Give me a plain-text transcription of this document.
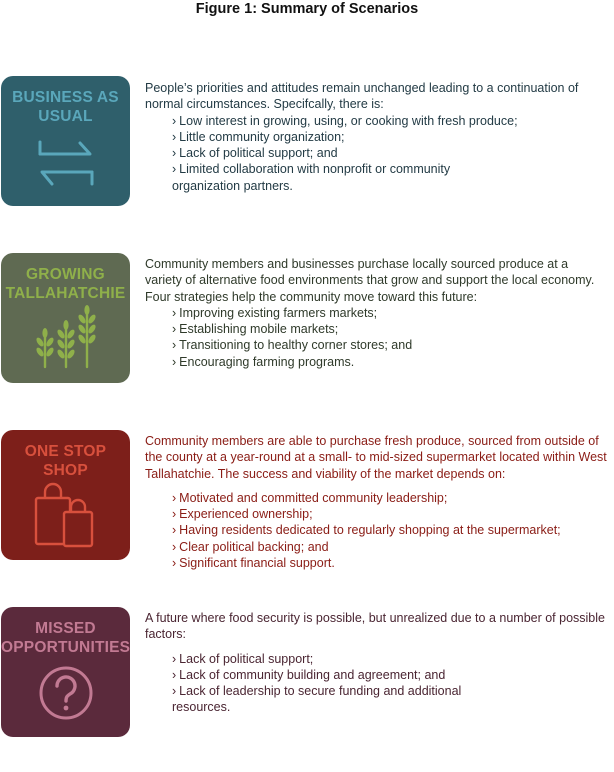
Figure 1: Summary of Scenarios
BUSINESS AS
USUAL

People’s priorities and attitudes remain unchanged leading to a continuation of normal circumstances. Specifcally, there is:

› Low interest in growing, using, or cooking with fresh produce;
› Little community organization;
› Lack of political support; and
› Limited collaboration with nonprofit or community organization partners.
GROWING
TALLAHATCHIE

Community members and businesses purchase locally sourced produce at a variety of alternative food environments that grow and support the local economy. Four strategies help the community move toward this future:

› Improving existing farmers markets;
› Establishing mobile markets;
› Transitioning to healthy corner stores; and
› Encouraging farming programs.
ONE STOP
SHOP

Community members are able to purchase fresh produce, sourced from outside of the county at a year-round at a small- to mid-sized supermarket located within West Tallahatchie. The success and viability of the market depends on:

› Motivated and committed community leadership;
› Experienced ownership;
› Having residents dedicated to regularly shopping at the supermarket;
› Clear political backing; and
› Significant financial support.
MISSED
OPPORTUNITIES

A future where food security is possible, but unrealized due to a number of possible factors:

› Lack of political support;
› Lack of community building and agreement; and
› Lack of leadership to secure funding and additional resources.
